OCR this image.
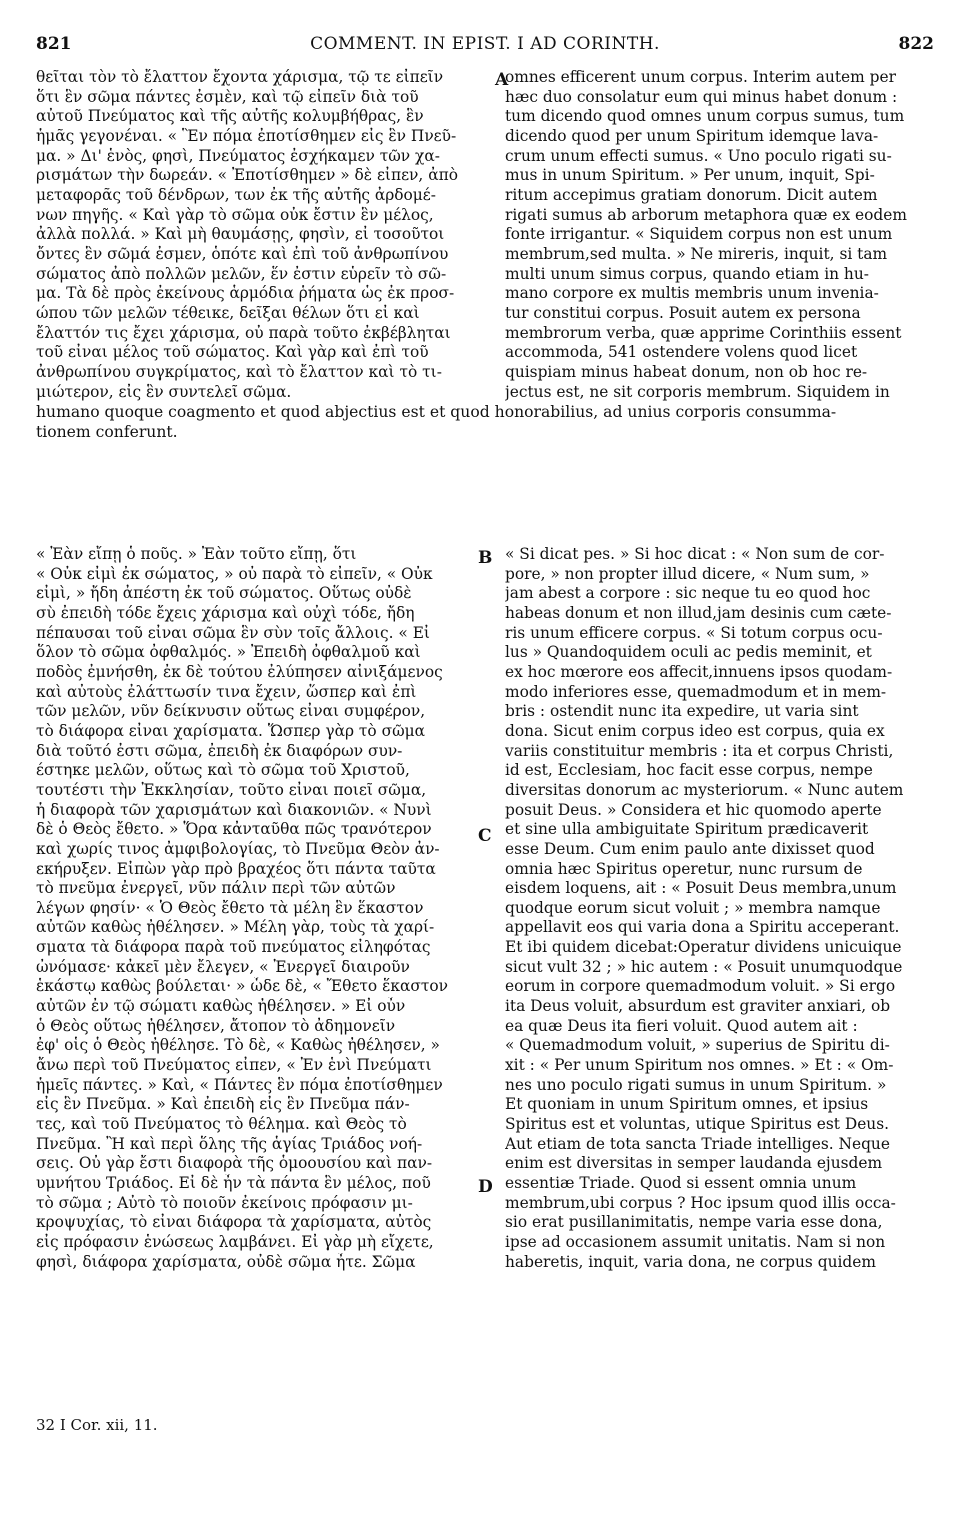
821	COMMENT. IN EPIST. I AD CORINTH.	822
θεῖται τὸν τὸ ἔλαττον ἔχοντα χάρισμα, τῷ τε εἰπεῖν
ὅτι ἓν σῶμα πάντες ἐσμὲν, καὶ τῷ εἰπεῖν διὰ τοῦ
αὐτοῦ Πνεύματος καὶ τῆς αὐτῆς κολυμβήθρας, ἓν
ἡμᾶς γεγονέναι. « Ἓν πόμα ἐποτίσθημεν εἰς ἓν Πνεῦ-
μα. » Δι' ἑνὸς, φησὶ, Πνεύματος ἐσχήκαμεν τῶν χα-
ρισμάτων τὴν δωρεάν. « Ἐποτίσθημεν » δὲ εἶπεν, ἀπὸ
μεταφορᾶς τοῦ δένδρων, των ἐκ τῆς αὐτῆς ἀρδομέ-
νων πηγῆς. « Καὶ γὰρ τὸ σῶμα οὐκ ἔστιν ἓν μέλος,
ἀλλὰ πολλά. » Καὶ μὴ θαυμάσῃς, φησὶν, εἰ τοσοῦτοι
ὄντες ἓν σῶμά ἐσμεν, ὁπότε καὶ ἐπὶ τοῦ ἀνθρωπίνου
σώματος ἀπὸ πολλῶν μελῶν, ἕν ἐστιν εὑρεῖν τὸ σῶ-
μα. Τὰ δὲ πρὸς ἐκείνους ἁρμόδια ῥήματα ὡς ἐκ προσ-
ώπου τῶν μελῶν τέθεικε, δεῖξαι θέλων ὅτι εἰ καὶ
ἔλαττόν τις ἔχει χάρισμα, οὐ παρὰ τοῦτο ἐκβέβληται
τοῦ εἶναι μέλος τοῦ σώματος. Καὶ γὰρ καὶ ἐπὶ τοῦ
ἀνθρωπίνου συγκρίματος, καὶ τὸ ἔλαττον καὶ τὸ τι-
μιώτερον, εἰς ἓν συντελεῖ σῶμα.
omnes efficerent unum corpus. Interim autem per
hæc duo consolatur eum qui minus habet donum :
tum dicendo quod omnes unum corpus sumus, tum
dicendo quod per unum Spiritum idemque lava-
crum unum effecti sumus. « Uno poculo rigati su-
mus in unum Spiritum. » Per unum, inquit, Spi-
ritum accepimus gratiam donorum. Dicit autem
rigati sumus ab arborum metaphora quæ ex eodem
fonte irrigantur. « Siquidem corpus non est unum
membrum,sed multa. » Ne mireris, inquit, si tam
multi unum simus corpus, quando etiam in hu-
mano corpore ex multis membris unum invenia-
tur constitui corpus. Posuit autem ex persona
membrorum verba, quæ apprime Corinthiis essent
accommoda, 541 ostendere volens quod licet
quispiam minus habeat donum, non ob hoc re-
jectus est, ne sit corporis membrum. Siquidem in
A
humano quoque coagmento et quod abjectius est et quod honorabilius, ad unius corporis consumma-
tionem conferunt.
« Ἐὰν εἴπῃ ὁ ποῦς. » Ἐὰν τοῦτο εἴπῃ, ὅτι
« Οὐκ εἰμὶ ἐκ σώματος, » οὐ παρὰ τὸ εἰπεῖν, « Οὐκ
εἰμὶ, » ἤδη ἀπέστη ἐκ τοῦ σώματος. Οὕτως οὐδὲ
σὺ ἐπειδὴ τόδε ἔχεις χάρισμα καὶ οὐχὶ τόδε, ἤδη
πέπαυσαι τοῦ εἶναι σῶμα ἓν σὺν τοῖς ἄλλοις. « Εἰ
ὅλον τὸ σῶμα ὀφθαλμός. » Ἐπειδὴ ὀφθαλμοῦ καὶ
ποδὸς ἐμνήσθη, ἐκ δὲ τούτου ἐλύπησεν αἰνιξάμενος
καὶ αὐτοὺς ἐλάττωσίν τινα ἔχειν, ὥσπερ καὶ ἐπὶ
τῶν μελῶν, νῦν δείκνυσιν οὕτως εἶναι συμφέρον,
τὸ διάφορα εἶναι χαρίσματα. Ὥσπερ γὰρ τὸ σῶμα
διὰ τοῦτό ἐστι σῶμα, ἐπειδὴ ἐκ διαφόρων συν-
έστηκε μελῶν, οὕτως καὶ τὸ σῶμα τοῦ Χριστοῦ,
τουτέστι τὴν Ἐκκλησίαν, τοῦτο εἶναι ποιεῖ σῶμα,
ἡ διαφορὰ τῶν χαρισμάτων καὶ διακονιῶν. « Νυνὶ
δὲ ὁ Θεὸς ἔθετο. » Ὅρα κἀνταῦθα πῶς τρανότερον
καὶ χωρίς τινος ἀμφιβολογίας, τὸ Πνεῦμα Θεὸν ἀν-
εκήρυξεν. Εἰπὼν γὰρ πρὸ βραχέος ὅτι πάντα ταῦτα
τὸ πνεῦμα ἐνεργεῖ, νῦν πάλιν περὶ τῶν αὐτῶν
λέγων φησίν· « Ὁ Θεὸς ἔθετο τὰ μέλη ἓν ἕκαστον
αὐτῶν καθὼς ἠθέλησεν. » Μέλη γὰρ, τοὺς τὰ χαρί-
σματα τὰ διάφορα παρὰ τοῦ πνεύματος εἰληφότας
ὠνόμασε· κἀκεῖ μὲν ἔλεγεν, « Ἐνεργεῖ διαιροῦν
ἑκάστῳ καθὼς βούλεται· » ὧδε δὲ, « Ἔθετο ἕκαστον
αὐτῶν ἐν τῷ σώματι καθὼς ἠθέλησεν. » Εἰ οὖν
ὁ Θεὸς οὕτως ἠθέλησεν, ἄτοπον τὸ ἀδημονεῖν
ἐφ' οἷς ὁ Θεὸς ἠθέλησε. Τὸ δὲ, « Καθὼς ἠθέλησεν, »
ἄνω περὶ τοῦ Πνεύματος εἶπεν, « Ἐν ἑνὶ Πνεύματι
ἡμεῖς πάντες. » Καὶ, « Πάντες ἓν πόμα ἐποτίσθημεν
εἰς ἓν Πνεῦμα. » Καὶ ἐπειδὴ εἰς ἓν Πνεῦμα πάν-
τες, καὶ τοῦ Πνεύματος τὸ θέλημα. καὶ Θεὸς τὸ
Πνεῦμα. Ἢ καὶ περὶ ὅλης τῆς ἁγίας Τριάδος νοή-
σεις. Οὐ γὰρ ἔστι διαφορὰ τῆς ὁμοουσίου καὶ παν-
υμνήτου Τριάδος. Εἰ δὲ ἦν τὰ πάντα ἓν μέλος, ποῦ
τὸ σῶμα ; Αὐτὸ τὸ ποιοῦν ἐκείνοις πρόφασιν μι-
κροψυχίας, τὸ εἶναι διάφορα τὰ χαρίσματα, αὐτὸς
εἰς πρόφασιν ἑνώσεως λαμβάνει. Εἰ γὰρ μὴ εἴχετε,
φησὶ, διάφορα χαρίσματα, οὐδὲ σῶμα ἦτε. Σῶμα
« Si dicat pes. » Si hoc dicat : « Non sum de cor-
pore, » non propter illud dicere, « Num sum, »
jam abest a corpore : sic neque tu eo quod hoc
habeas donum et non illud,jam desinis cum cæte-
ris unum efficere corpus. « Si totum corpus ocu-
lus » Quandoquidem oculi ac pedis meminit, et
ex hoc mœrore eos affecit,innuens ipsos quodam-
modo inferiores esse, quemadmodum et in mem-
bris : ostendit nunc ita expedire, ut varia sint
dona. Sicut enim corpus ideo est corpus, quia ex
variis constituitur membris : ita et corpus Christi,
id est, Ecclesiam, hoc facit esse corpus, nempe
diversitas donorum ac mysteriorum. « Nunc autem
posuit Deus. » Considera et hic quomodo aperte
et sine ulla ambiguitate Spiritum prædicaverit
esse Deum. Cum enim paulo ante dixisset quod
omnia hæc Spiritus operetur, nunc rursum de
eisdem loquens, ait : « Posuit Deus membra,unum
quodque eorum sicut voluit ; » membra namque
appellavit eos qui varia dona a Spiritu acceperant.
Et ibi quidem dicebat:Operatur dividens unicuique
sicut vult 32 ; » hic autem : « Posuit unumquodque
eorum in corpore quemadmodum voluit. » Si ergo
ita Deus voluit, absurdum est graviter anxiari, ob
ea quæ Deus ita fieri voluit. Quod autem ait :
« Quemadmodum voluit, » superius de Spiritu di-
xit : « Per unum Spiritum nos omnes. » Et : « Om-
nes uno poculo rigati sumus in unum Spiritum. »
Et quoniam in unum Spiritum omnes, et ipsius
Spiritus est et voluntas, utique Spiritus est Deus.
Aut etiam de tota sancta Triade intelliges. Neque
enim est diversitas in semper laudanda ejusdem
essentiæ Triade. Quod si essent omnia unum
membrum,ubi corpus ? Hoc ipsum quod illis occa-
sio erat pusillanimitatis, nempe varia esse dona,
ipse ad occasionem assumit unitatis. Nam si non
haberetis, inquit, varia dona, ne corpus quidem
B
C
D
32 I Cor. xii, 11.
